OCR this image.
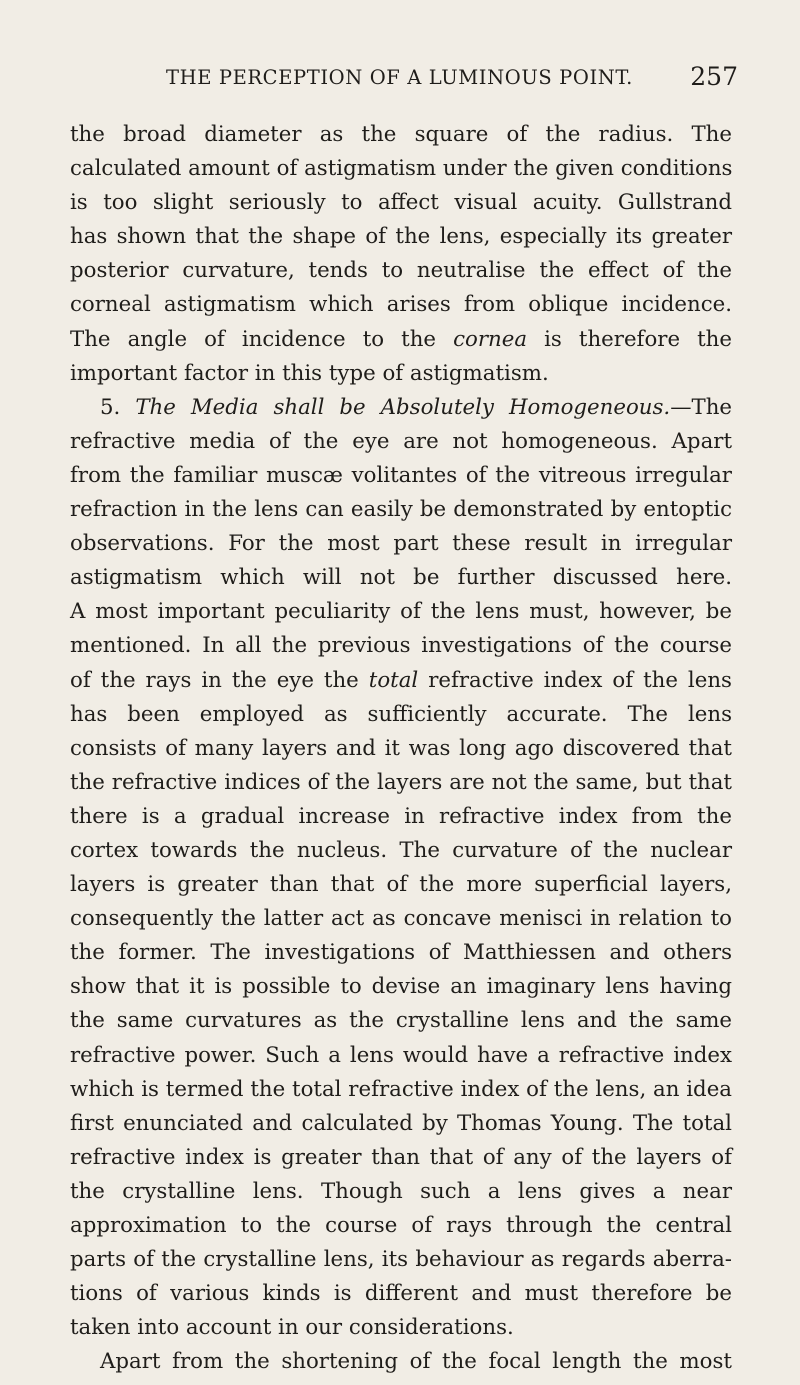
THE PERCEPTION OF A LUMINOUS POINT. 257
the broad diameter as the square of the radius. The
calculated amount of astigmatism under the given conditions
is too slight seriously to affect visual acuity. Gullstrand
has shown that the shape of the lens, especially its greater
posterior curvature, tends to neutralise the effect of the
corneal astigmatism which arises from oblique incidence.
The angle of incidence to the cornea is therefore the
important factor in this type of astigmatism.
5. The Media shall be Absolutely Homogeneous.—The
refractive media of the eye are not homogeneous. Apart
from the familiar muscæ volitantes of the vitreous irregular
refraction in the lens can easily be demonstrated by entoptic
observations. For the most part these result in irregular
astigmatism which will not be further discussed here.
A most important peculiarity of the lens must, however, be
mentioned. In all the previous investigations of the course
of the rays in the eye the total refractive index of the lens
has been employed as sufficiently accurate. The lens
consists of many layers and it was long ago discovered that
the refractive indices of the layers are not the same, but that
there is a gradual increase in refractive index from the
cortex towards the nucleus. The curvature of the nuclear
layers is greater than that of the more superficial layers,
consequently the latter act as concave menisci in relation to
the former. The investigations of Matthiessen and others
show that it is possible to devise an imaginary lens having
the same curvatures as the crystalline lens and the same
refractive power. Such a lens would have a refractive index
which is termed the total refractive index of the lens, an idea
first enunciated and calculated by Thomas Young. The total
refractive index is greater than that of any of the layers of
the crystalline lens. Though such a lens gives a near
approximation to the course of rays through the central
parts of the crystalline lens, its behaviour as regards aberra-
tions of various kinds is different and must therefore be
taken into account in our considerations.
Apart from the shortening of the focal length the most
